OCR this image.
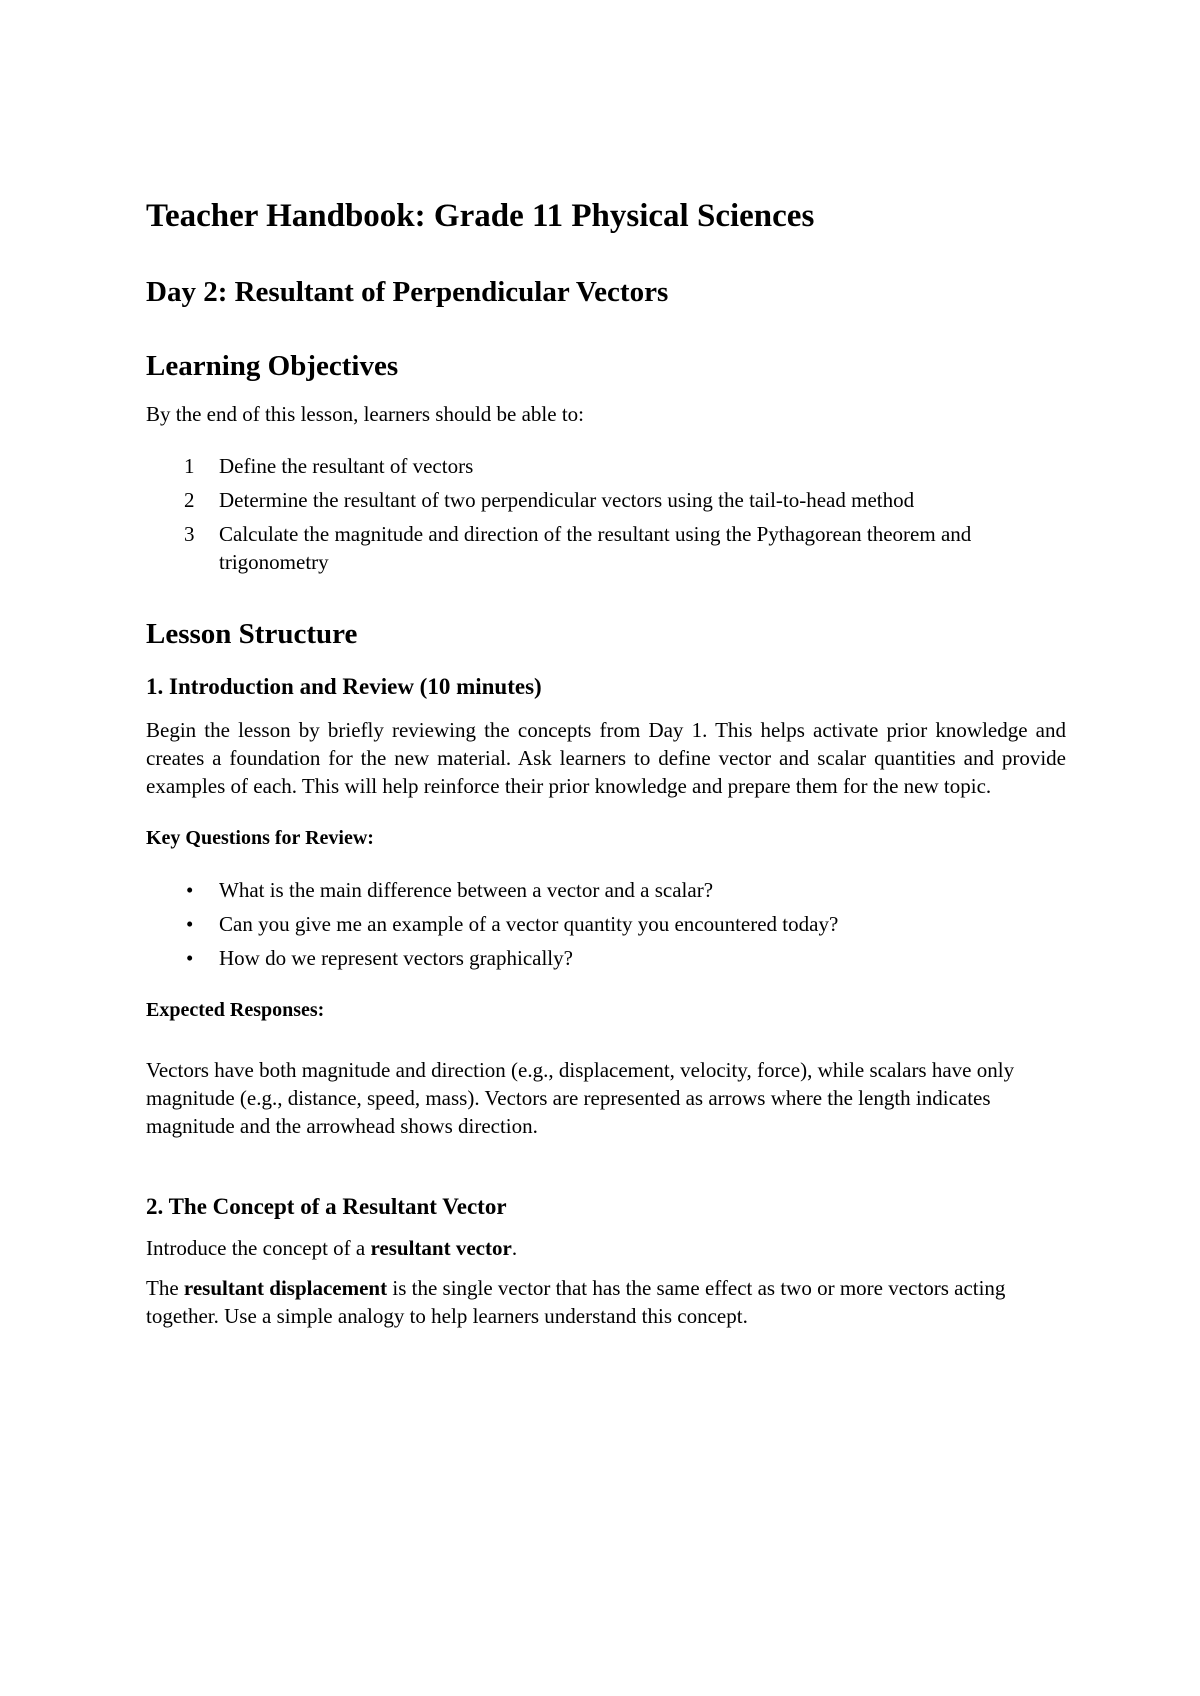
Teacher Handbook: Grade 11 Physical Sciences
Day 2: Resultant of Perpendicular Vectors
Learning Objectives

By the end of this lesson, learners should be able to:

1 Define the resultant of vectors
2 Determine the resultant of two perpendicular vectors using the tail-to-head method
3 Calculate the magnitude and direction of the resultant using the Pythagorean theorem and trigonometry
Lesson Structure
1. Introduction and Review (10 minutes)

Begin the lesson by briefly reviewing the concepts from Day 1. This helps activate prior knowledge and creates a foundation for the new material. Ask learners to define vector and scalar quantities and provide examples of each. This will help reinforce their prior knowledge and prepare them for the new topic.

Key Questions for Review:
• What is the main difference between a vector and a scalar?
• Can you give me an example of a vector quantity you encountered today?
• How do we represent vectors graphically?
Expected Responses:

Vectors have both magnitude and direction (e.g., displacement, velocity, force), while scalars have only magnitude (e.g., distance, speed, mass). Vectors are represented as arrows where the length indicates magnitude and the arrowhead shows direction.

2. The Concept of a Resultant Vector

Introduce the concept of a resultant vector.

The resultant displacement is the single vector that has the same effect as two or more vectors acting together. Use a simple analogy to help learners understand this concept.
